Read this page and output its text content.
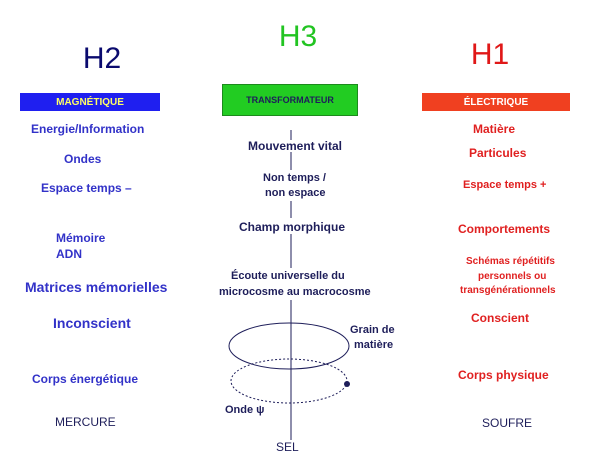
H2
H3
H1
MAGNÉTIQUE	TRANSFORMATEUR	ÉLECTRIQUE
Energie/Information
Ondes
Espace temps –
Mémoire
ADN
Matrices mémorielles
Inconscient
Corps énergétique
Mouvement vital
Non temps /
non espace
Champ morphique
Écoute universelle du
microcosme au macrocosme
Matière
Particules
Espace temps +
Comportements
Schémas répétitifs
personnels ou
transgénérationnels
Conscient
Corps physique
Grain de
matière
Onde ψ
MERCURE
SEL
SOUFRE
